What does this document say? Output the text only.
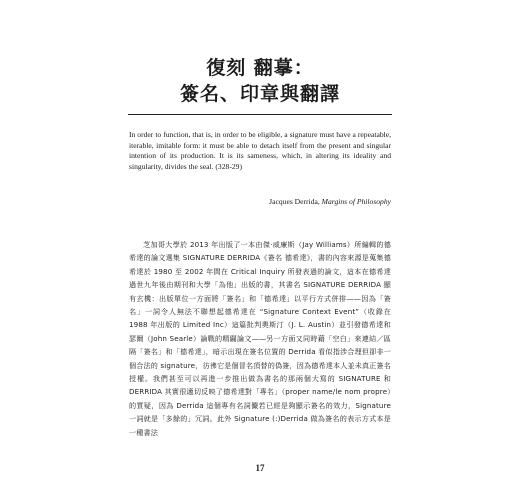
復刻 翻摹：
簽名、印章與翻譯
In order to function, that is, in order to be eligible, a signature must have a repeatable, iterable, imitable form: it must be able to detach itself from the present and singular intention of its production. It is its sameness, which, in altering its ideality and singularity, divides the seal. (328-29)
Jacques Derrida, Margins of Philosophy
芝加哥大學於 2013 年出版了一本由傑·威廉斯（Jay Williams）所編輯的德希達的論文選集 SIGNATURE DERRIDA《簽名 德希達》，書的內容來源是蒐集德希達於 1980 至 2002 年間在 Critical Inquiry 所發表過的論文，這本在德希達過世九年後由期刊和大學「為他」出版的書，其書名 SIGNATURE DERRIDA 顯有玄機：出版單位一方面將「簽名」和「德希達」以平行方式併排——因為「簽名」一詞令人無法不聯想起德希達在 “Signature Context Event”（收錄在 1988 年出版的 Limited Inc）這篇批判奧斯汀（J. L. Austin）並引發德希達和瑟爾（John Searle）論戰的精闢論文——另一方面又同時藉「空白」來連結／區隔「簽名」和「德希達」，暗示出現在簽名位置的 Derrida 看似指涉合理但卻非一個合法的 signature，彷彿它是個冒名頂替的偽簽，因為德希達本人並未真正簽名授權。我們甚至可以再進一步推出做為書名的那兩個大寫的 SIGNATURE 和 DERRIDA 其實很適切反映了德希達對「專名」（proper name/le nom propre）的質疑，因為 Derrida 這個專有名詞儼若已經是夠顯示簽名的效力，Signature 一詞就是「多餘的」冗詞。此外 Signature (:)Derrida 做為簽名的表示方式本是一種書法
17
